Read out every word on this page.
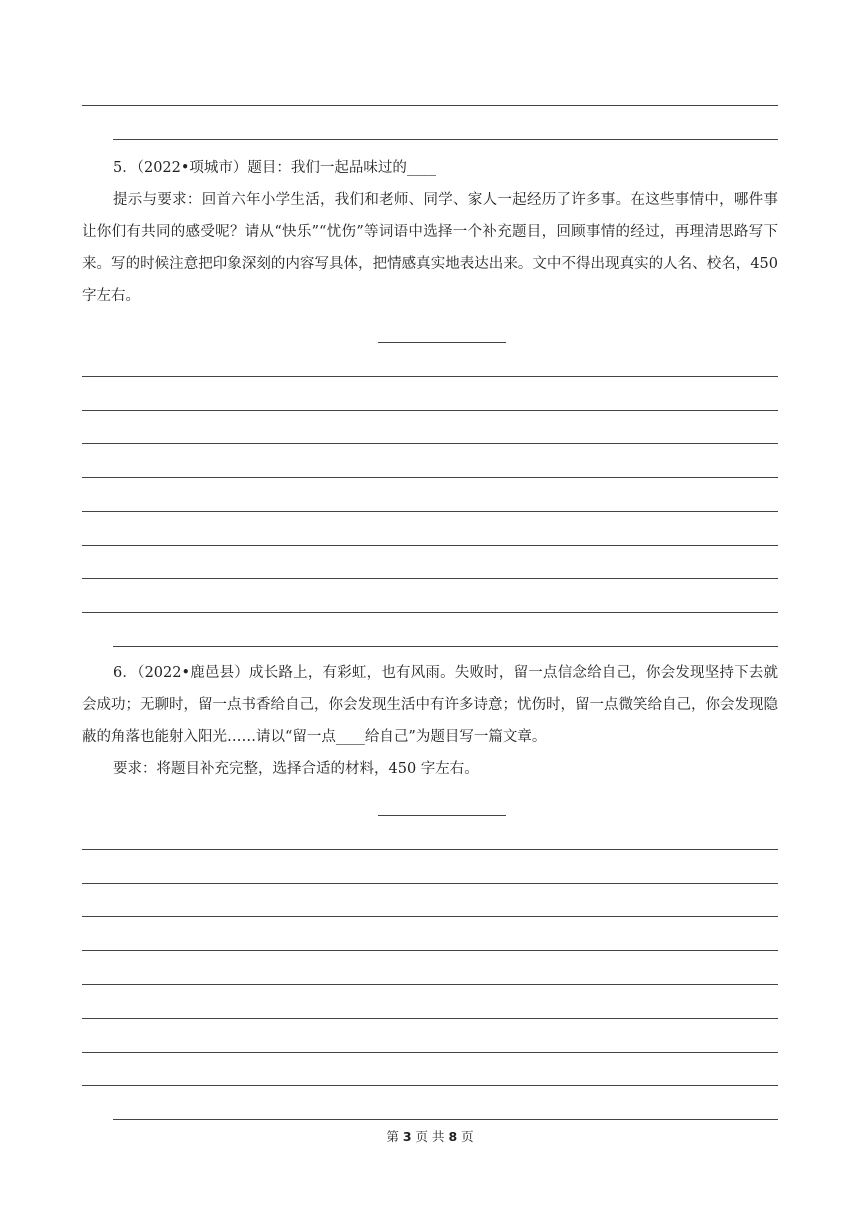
5．（2022•项城市）题目：我们一起品味过的____

提示与要求：回首六年小学生活，我们和老师、同学、家人一起经历了许多事。在这些事情中，哪件事让你们有共同的感受呢？请从“快乐”“忧伤”等词语中选择一个补充题目，回顾事情的经过，再理清思路写下来。写的时候注意把印象深刻的内容写具体，把情感真实地表达出来。文中不得出现真实的人名、校名，450 字左右。

6．（2022•鹿邑县）成长路上，有彩虹，也有风雨。失败时，留一点信念给自己，你会发现坚持下去就会成功；无聊时，留一点书香给自己，你会发现生活中有许多诗意；忧伤时，留一点微笑给自己，你会发现隐蔽的角落也能射入阳光……请以“留一点____给自己”为题目写一篇文章。

要求：将题目补充完整，选择合适的材料，450 字左右。

第 3 页 共 8 页
